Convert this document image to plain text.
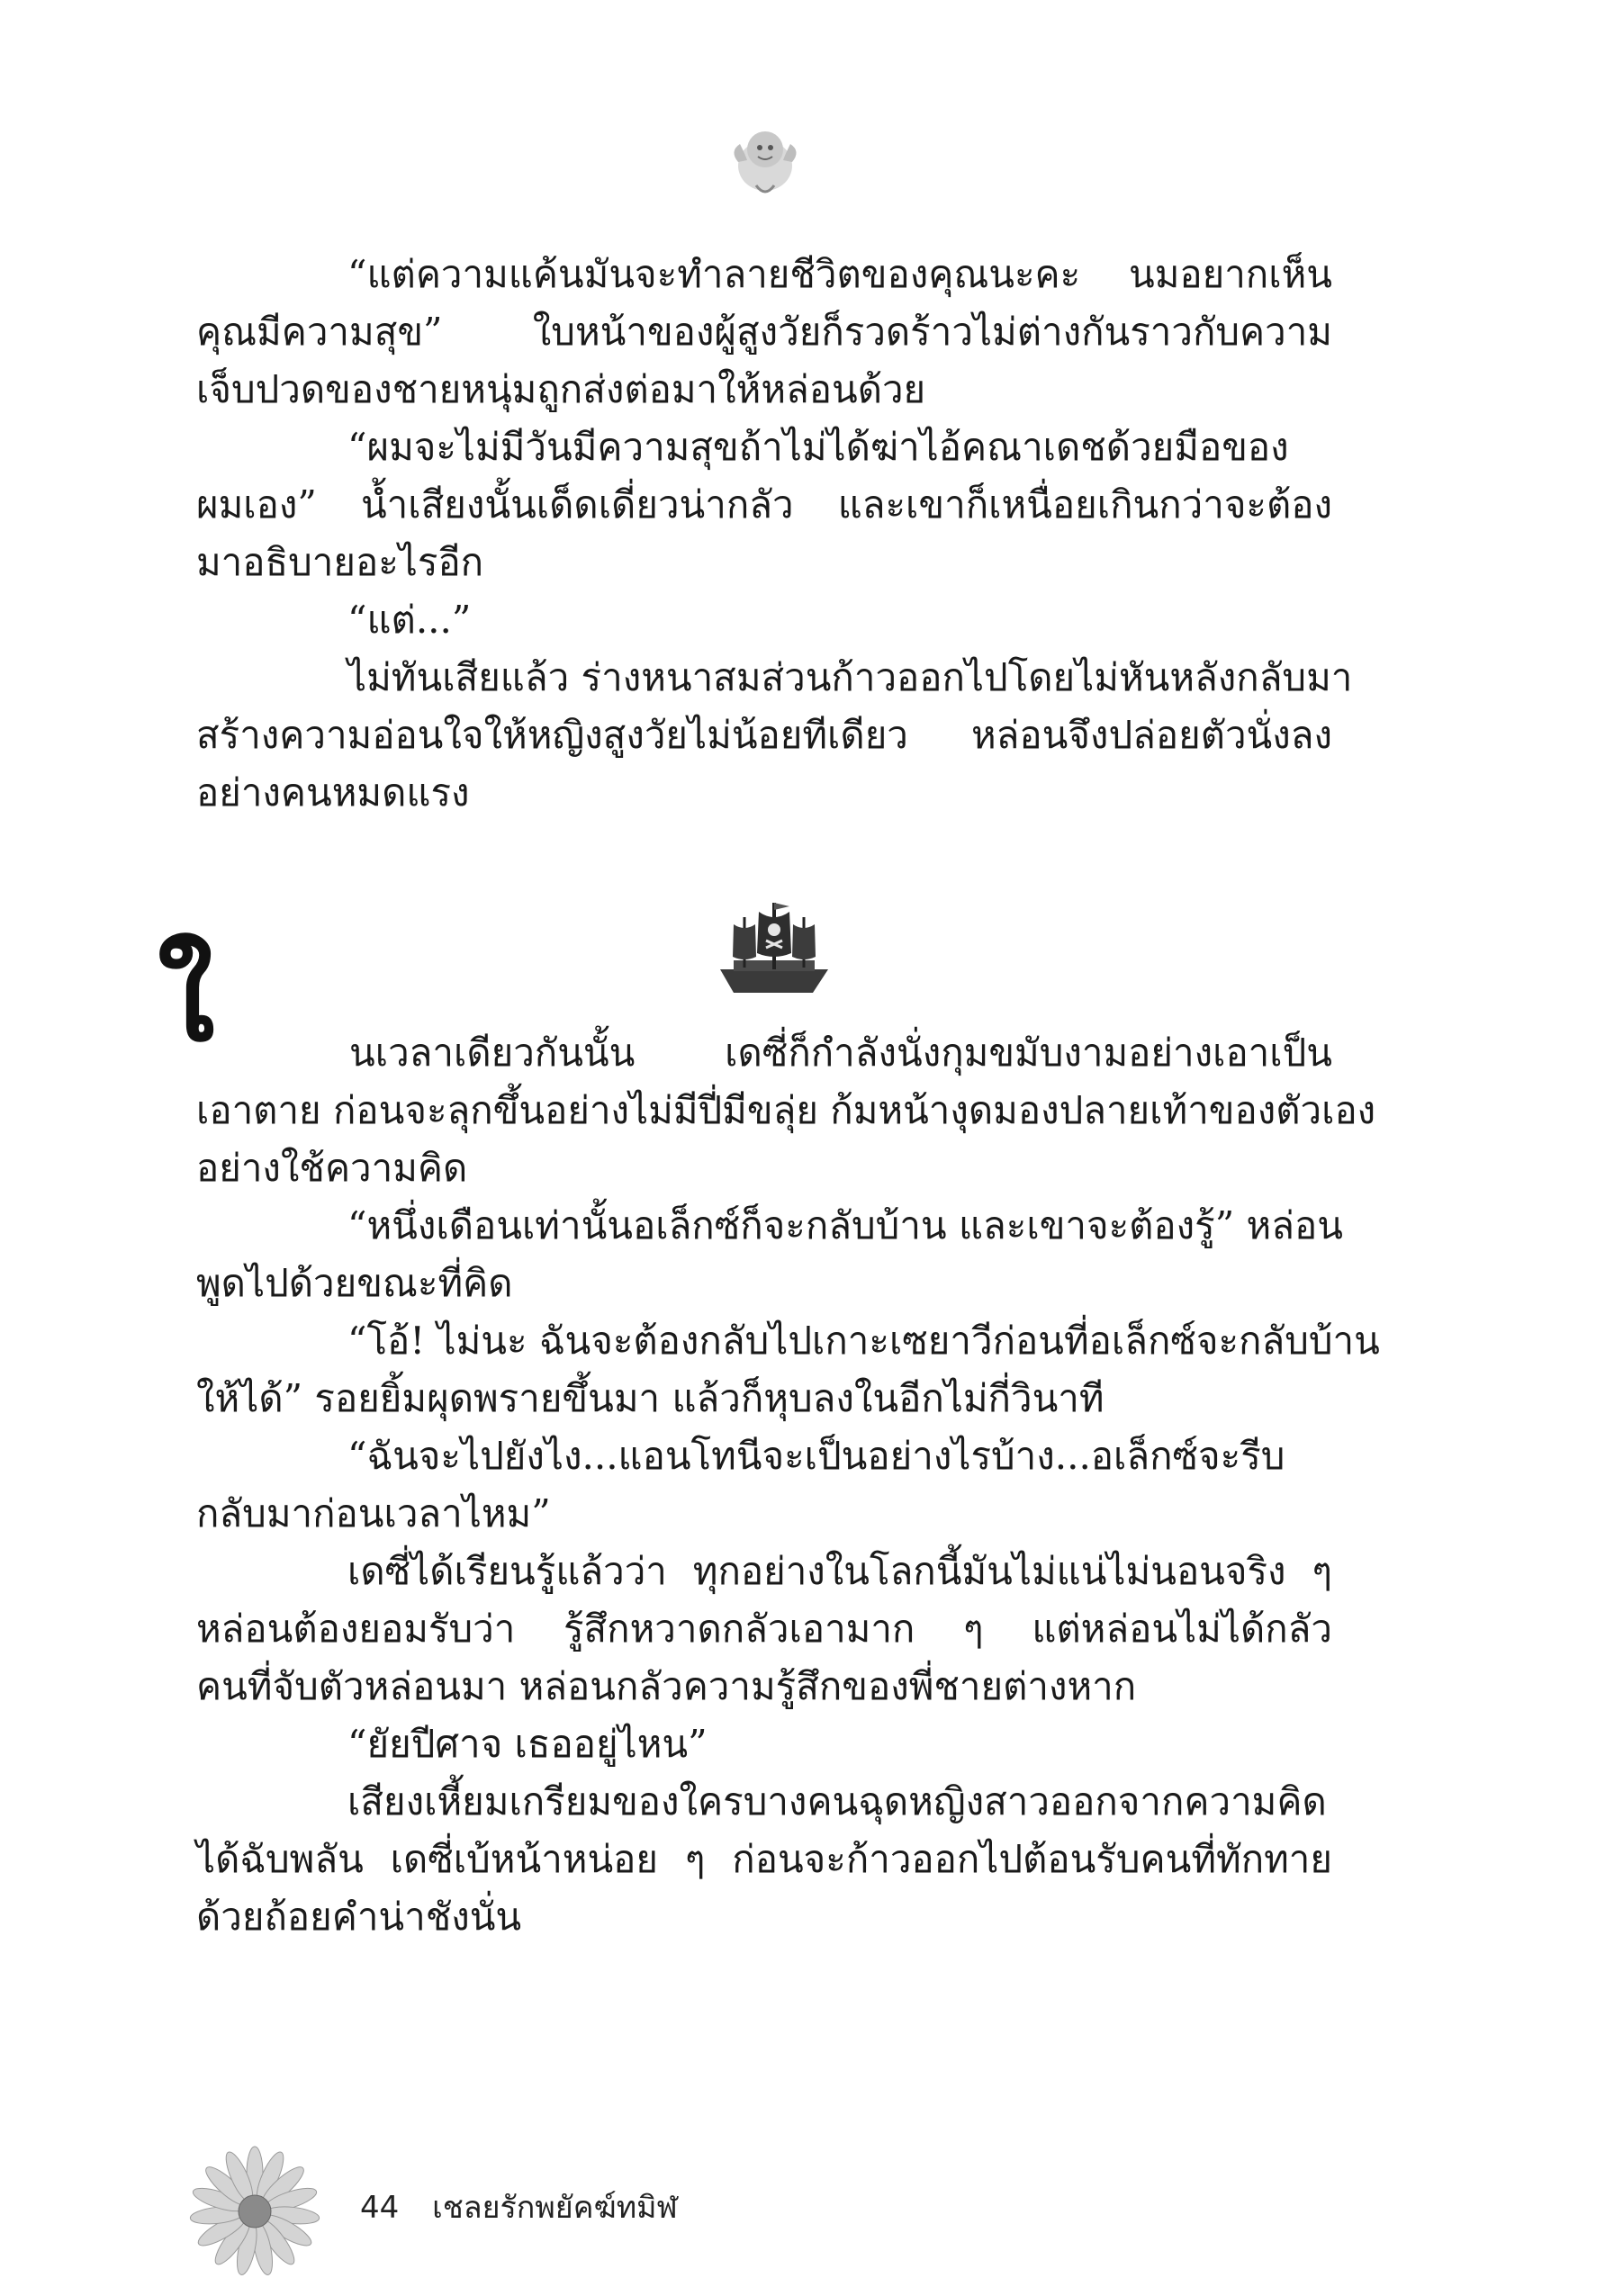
“แต่ความแค้นมันจะทำลายชีวิตของคุณนะคะ นมอยากเห็น
คุณมีความสุข” ใบหน้าของผู้สูงวัยก็รวดร้าวไม่ต่างกันราวกับความ
เจ็บปวดของชายหนุ่มถูกส่งต่อมาให้หล่อนด้วย
“ผมจะไม่มีวันมีความสุขถ้าไม่ได้ฆ่าไอ้คณาเดชด้วยมือของ
ผมเอง” น้ำเสียงนั้นเด็ดเดี่ยวน่ากลัว และเขาก็เหนื่อยเกินกว่าจะต้อง
มาอธิบายอะไรอีก
“แต่...”
ไม่ทันเสียแล้ว ร่างหนาสมส่วนก้าวออกไปโดยไม่หันหลังกลับมา
สร้างความอ่อนใจให้หญิงสูงวัยไม่น้อยทีเดียว หล่อนจึงปล่อยตัวนั่งลง
อย่างคนหมดแรง
ใ	นเวลาเดียวกันนั้น เดซี่ก็กำลังนั่งกุมขมับงามอย่างเอาเป็น
เอาตาย ก่อนจะลุกขึ้นอย่างไม่มีปี่มีขลุ่ย ก้มหน้างุดมองปลายเท้าของตัวเอง
อย่างใช้ความคิด
“หนึ่งเดือนเท่านั้นอเล็กซ์ก็จะกลับบ้าน และเขาจะต้องรู้” หล่อน
พูดไปด้วยขณะที่คิด
“โอ้! ไม่นะ ฉันจะต้องกลับไปเกาะเซยาวีก่อนที่อเล็กซ์จะกลับบ้าน
ให้ได้” รอยยิ้มผุดพรายขึ้นมา แล้วก็หุบลงในอีกไม่กี่วินาที
“ฉันจะไปยังไง...แอนโทนีจะเป็นอย่างไรบ้าง...อเล็กซ์จะรีบ
กลับมาก่อนเวลาไหม”
เดซี่ได้เรียนรู้แล้วว่า ทุกอย่างในโลกนี้มันไม่แน่ไม่นอนจริง ๆ
หล่อนต้องยอมรับว่า รู้สึกหวาดกลัวเอามาก ๆ แต่หล่อนไม่ได้กลัว
คนที่จับตัวหล่อนมา หล่อนกลัวความรู้สึกของพี่ชายต่างหาก
“ยัยปีศาจ เธออยู่ไหน”
เสียงเหี้ยมเกรียมของใครบางคนฉุดหญิงสาวออกจากความคิด
ได้ฉับพลัน เดซี่เบ้หน้าหน่อย ๆ ก่อนจะก้าวออกไปต้อนรับคนที่ทักทาย
ด้วยถ้อยคำน่าชังนั่น
44 เชลยรักพยัคฆ์ทมิฬ
